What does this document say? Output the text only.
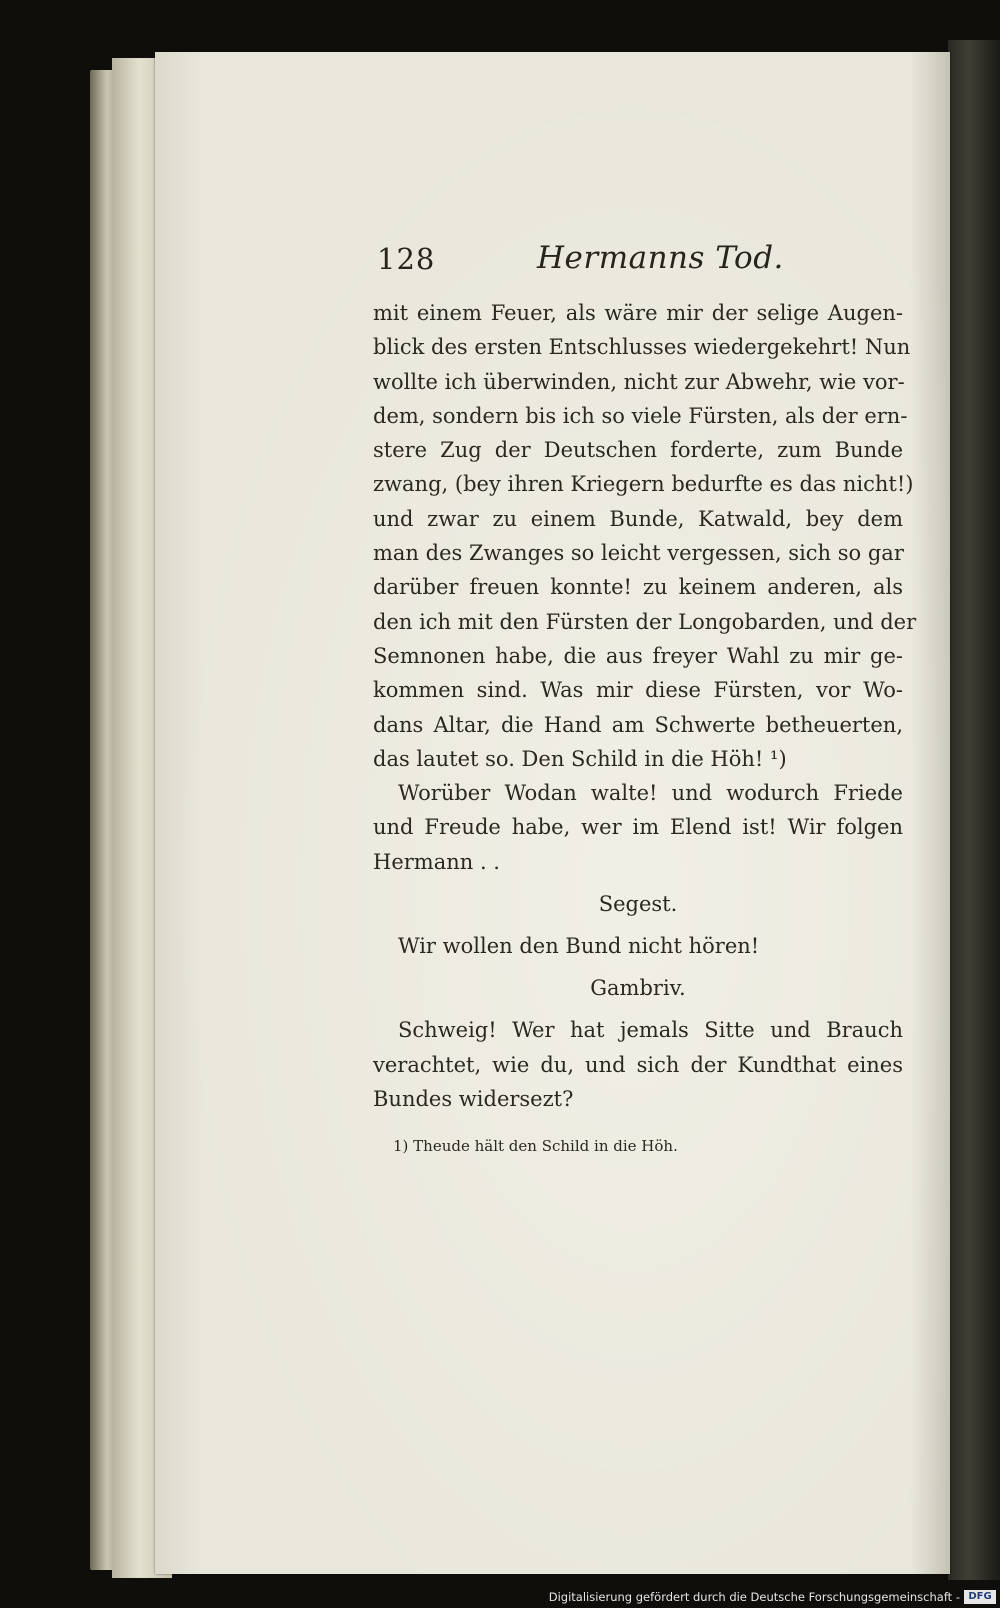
128	Hermanns Tod.
mit einem Feuer, als wäre mir der selige Augen-
blick des ersten Entschlusses wiedergekehrt! Nun
wollte ich überwinden, nicht zur Abwehr, wie vor-
dem, sondern bis ich so viele Fürsten, als der ern-
stere Zug der Deutschen forderte, zum Bunde
zwang, (bey ihren Kriegern bedurfte es das nicht!)
und zwar zu einem Bunde, Katwald, bey dem
man des Zwanges so leicht vergessen, sich so gar
darüber freuen konnte! zu keinem anderen, als
den ich mit den Fürsten der Longobarden, und der
Semnonen habe, die aus freyer Wahl zu mir ge-
kommen sind. Was mir diese Fürsten, vor Wo-
dans Altar, die Hand am Schwerte betheuerten,
das lautet so. Den Schild in die Höh! ¹)
Worüber Wodan walte! und wodurch Friede
und Freude habe, wer im Elend ist! Wir folgen
Hermann . .
Segest.
Wir wollen den Bund nicht hören!
Gambriv.
Schweig! Wer hat jemals Sitte und Brauch
verachtet, wie du, und sich der Kundthat eines
Bundes widersezt?
1) Theude hält den Schild in die Höh.
Digitalisierung gefördert durch die Deutsche Forschungsgemeinschaft - DFG
